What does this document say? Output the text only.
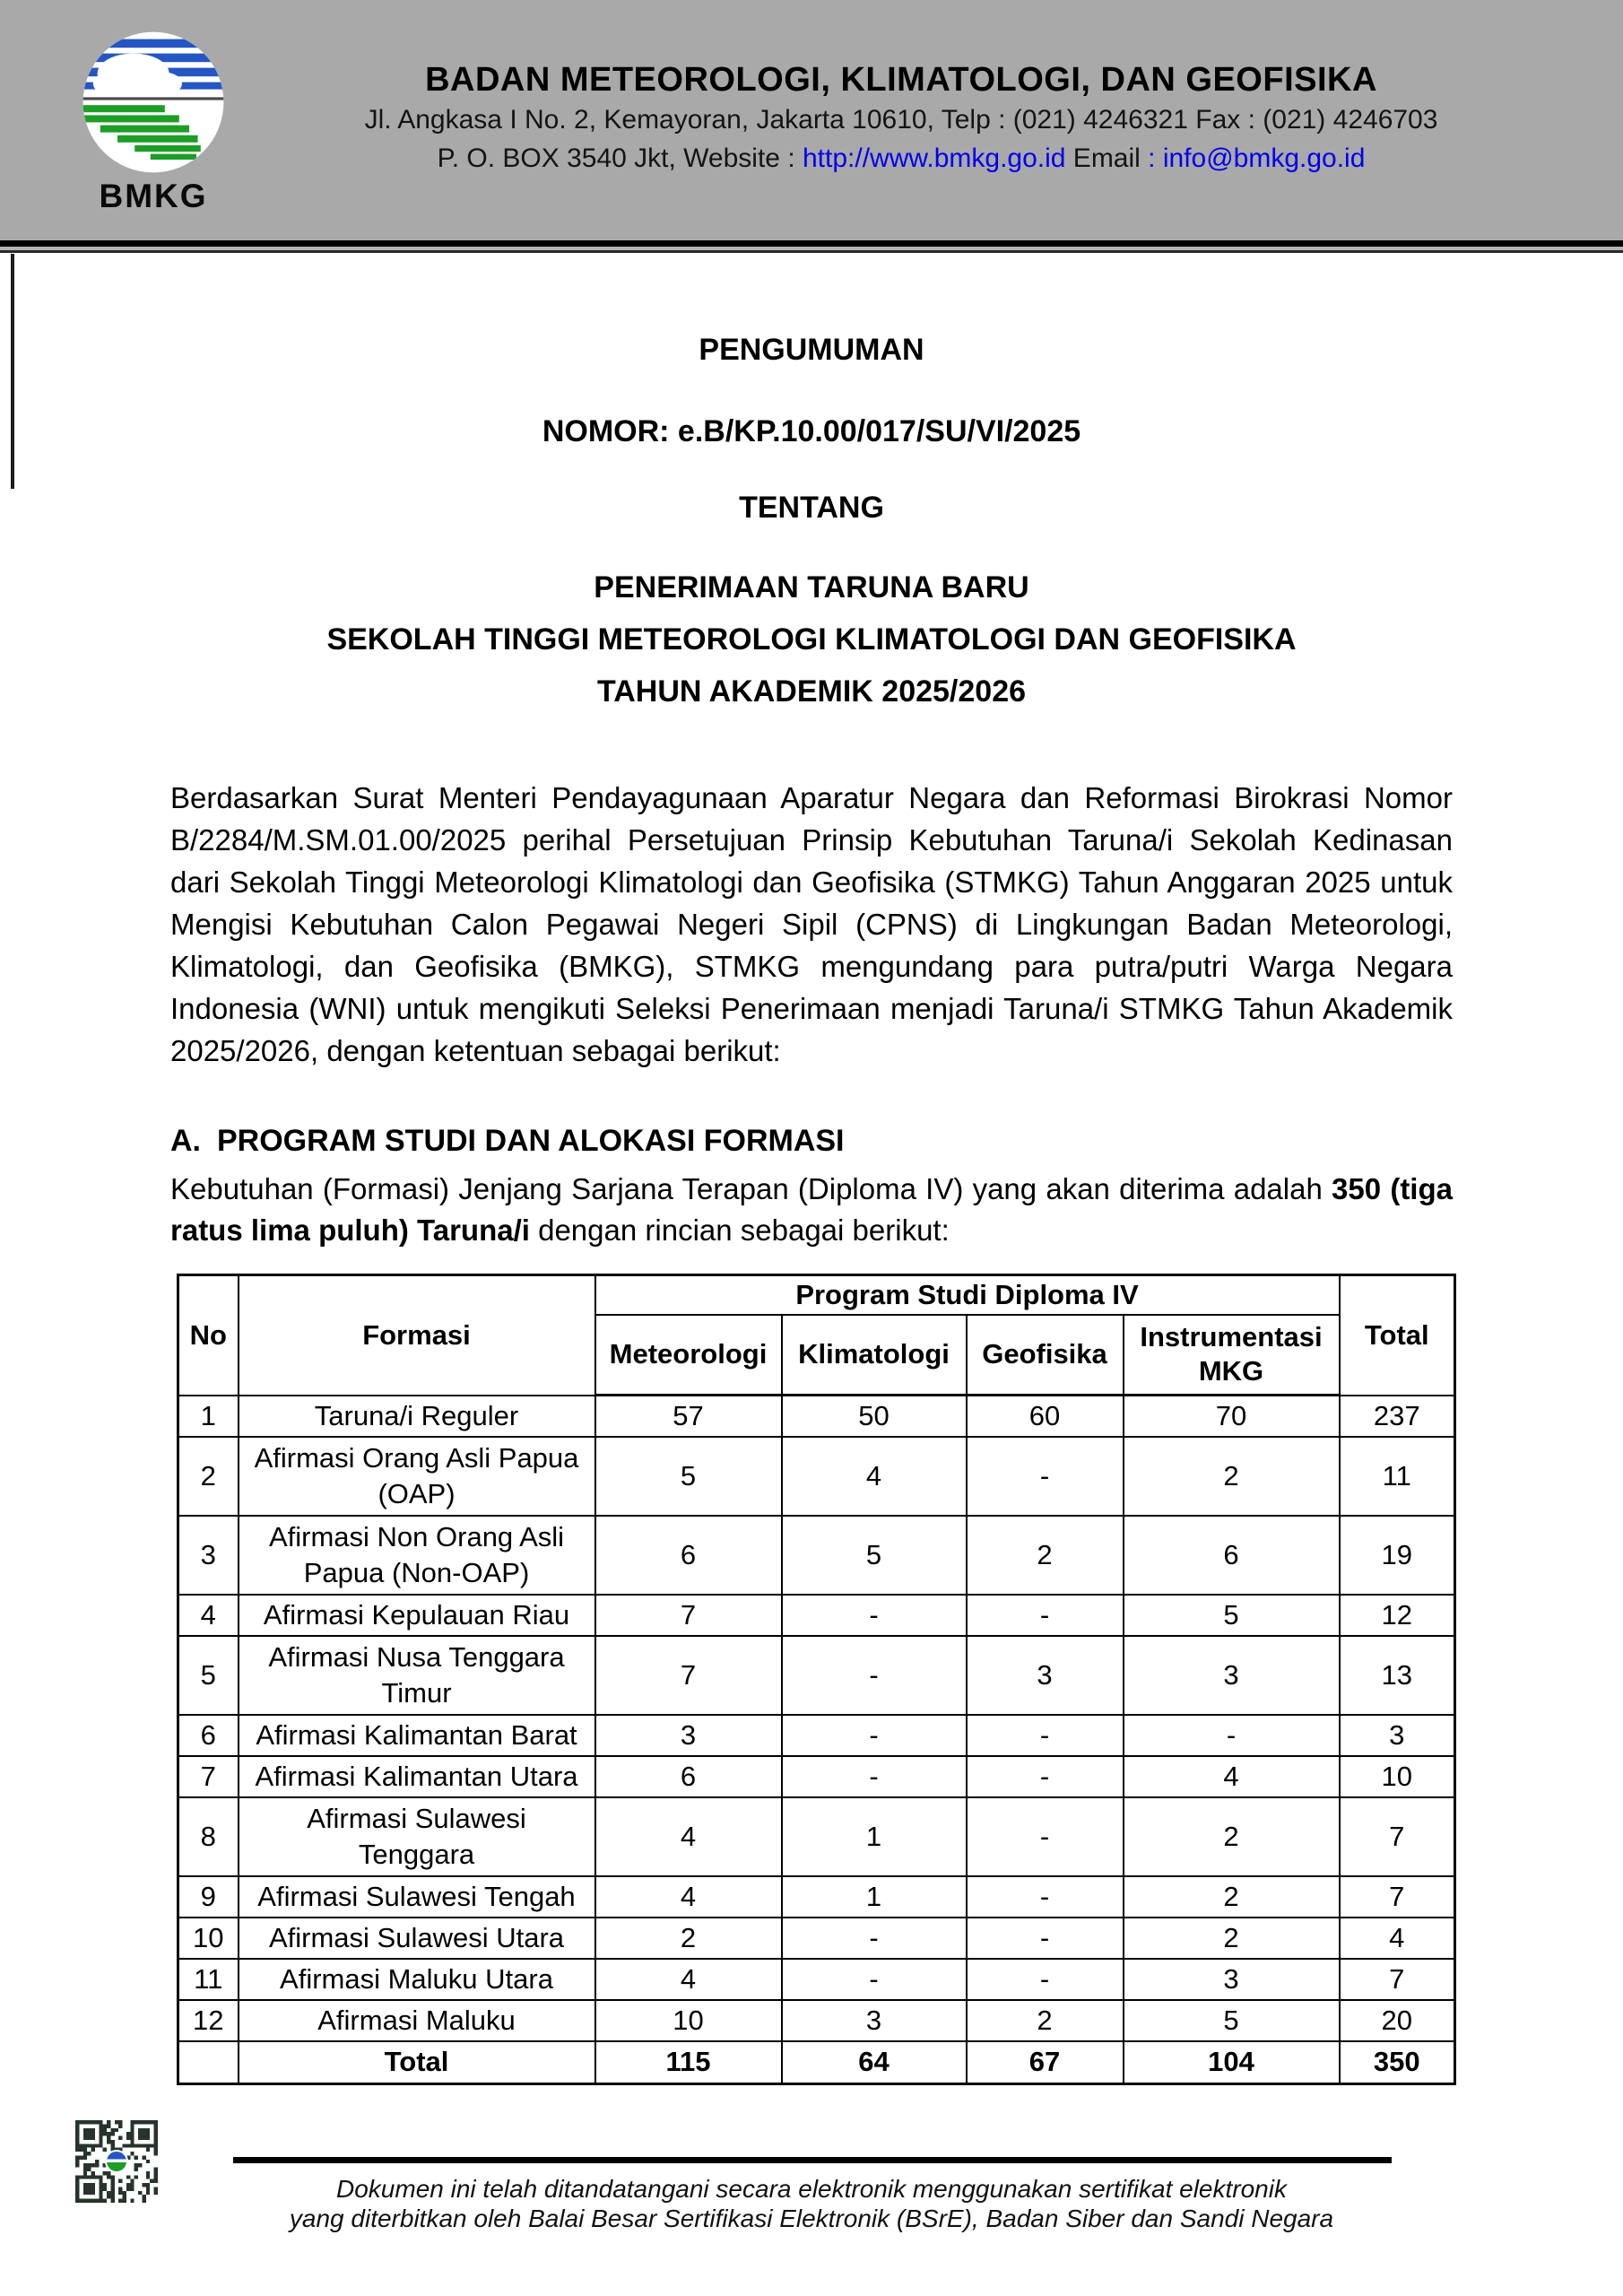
BMKG
BADAN METEOROLOGI, KLIMATOLOGI, DAN GEOFISIKA
Jl. Angkasa I No. 2, Kemayoran, Jakarta 10610, Telp : (021) 4246321 Fax : (021) 4246703
P. O. BOX 3540 Jkt, Website : http://www.bmkg.go.id Email : info@bmkg.go.id
PENGUMUMAN
NOMOR: e.B/KP.10.00/017/SU/VI/2025
TENTANG
PENERIMAAN TARUNA BARU
SEKOLAH TINGGI METEOROLOGI KLIMATOLOGI DAN GEOFISIKA
TAHUN AKADEMIK 2025/2026
Berdasarkan Surat Menteri Pendayagunaan Aparatur Negara dan Reformasi Birokrasi Nomor B/2284/M.SM.01.00/2025 perihal Persetujuan Prinsip Kebutuhan Taruna/i Sekolah Kedinasan dari Sekolah Tinggi Meteorologi Klimatologi dan Geofisika (STMKG) Tahun Anggaran 2025 untuk Mengisi Kebutuhan Calon Pegawai Negeri Sipil (CPNS) di Lingkungan Badan Meteorologi, Klimatologi, dan Geofisika (BMKG), STMKG mengundang para putra/putri Warga Negara Indonesia (WNI) untuk mengikuti Seleksi Penerimaan menjadi Taruna/i STMKG Tahun Akademik 2025/2026, dengan ketentuan sebagai berikut:
A. PROGRAM STUDI DAN ALOKASI FORMASI
Kebutuhan (Formasi) Jenjang Sarjana Terapan (Diploma IV) yang akan diterima adalah 350 (tiga ratus lima puluh) Taruna/i dengan rincian sebagai berikut:
No	Formasi	Program Studi Diploma IV				Total
		Meteorologi	Klimatologi	Geofisika	Instrumentasi MKG	
1	Taruna/i Reguler	57	50	60	70	237
2	Afirmasi Orang Asli Papua
(OAP)	5	4	-	2	11
3	Afirmasi Non Orang Asli
Papua (Non-OAP)	6	5	2	6	19
4	Afirmasi Kepulauan Riau	7	-	-	5	12
5	Afirmasi Nusa Tenggara
Timur	7	-	3	3	13
6	Afirmasi Kalimantan Barat	3	-	-	-	3
7	Afirmasi Kalimantan Utara	6	-	-	4	10
8	Afirmasi Sulawesi
Tenggara	4	1	-	2	7
9	Afirmasi Sulawesi Tengah	4	1	-	2	7
10	Afirmasi Sulawesi Utara	2	-	-	2	4
11	Afirmasi Maluku Utara	4	-	-	3	7
12	Afirmasi Maluku	10	3	2	5	20
	Total	115	64	67	104	350
Dokumen ini telah ditandatangani secara elektronik menggunakan sertifikat elektronik
yang diterbitkan oleh Balai Besar Sertifikasi Elektronik (BSrE), Badan Siber dan Sandi Negara
